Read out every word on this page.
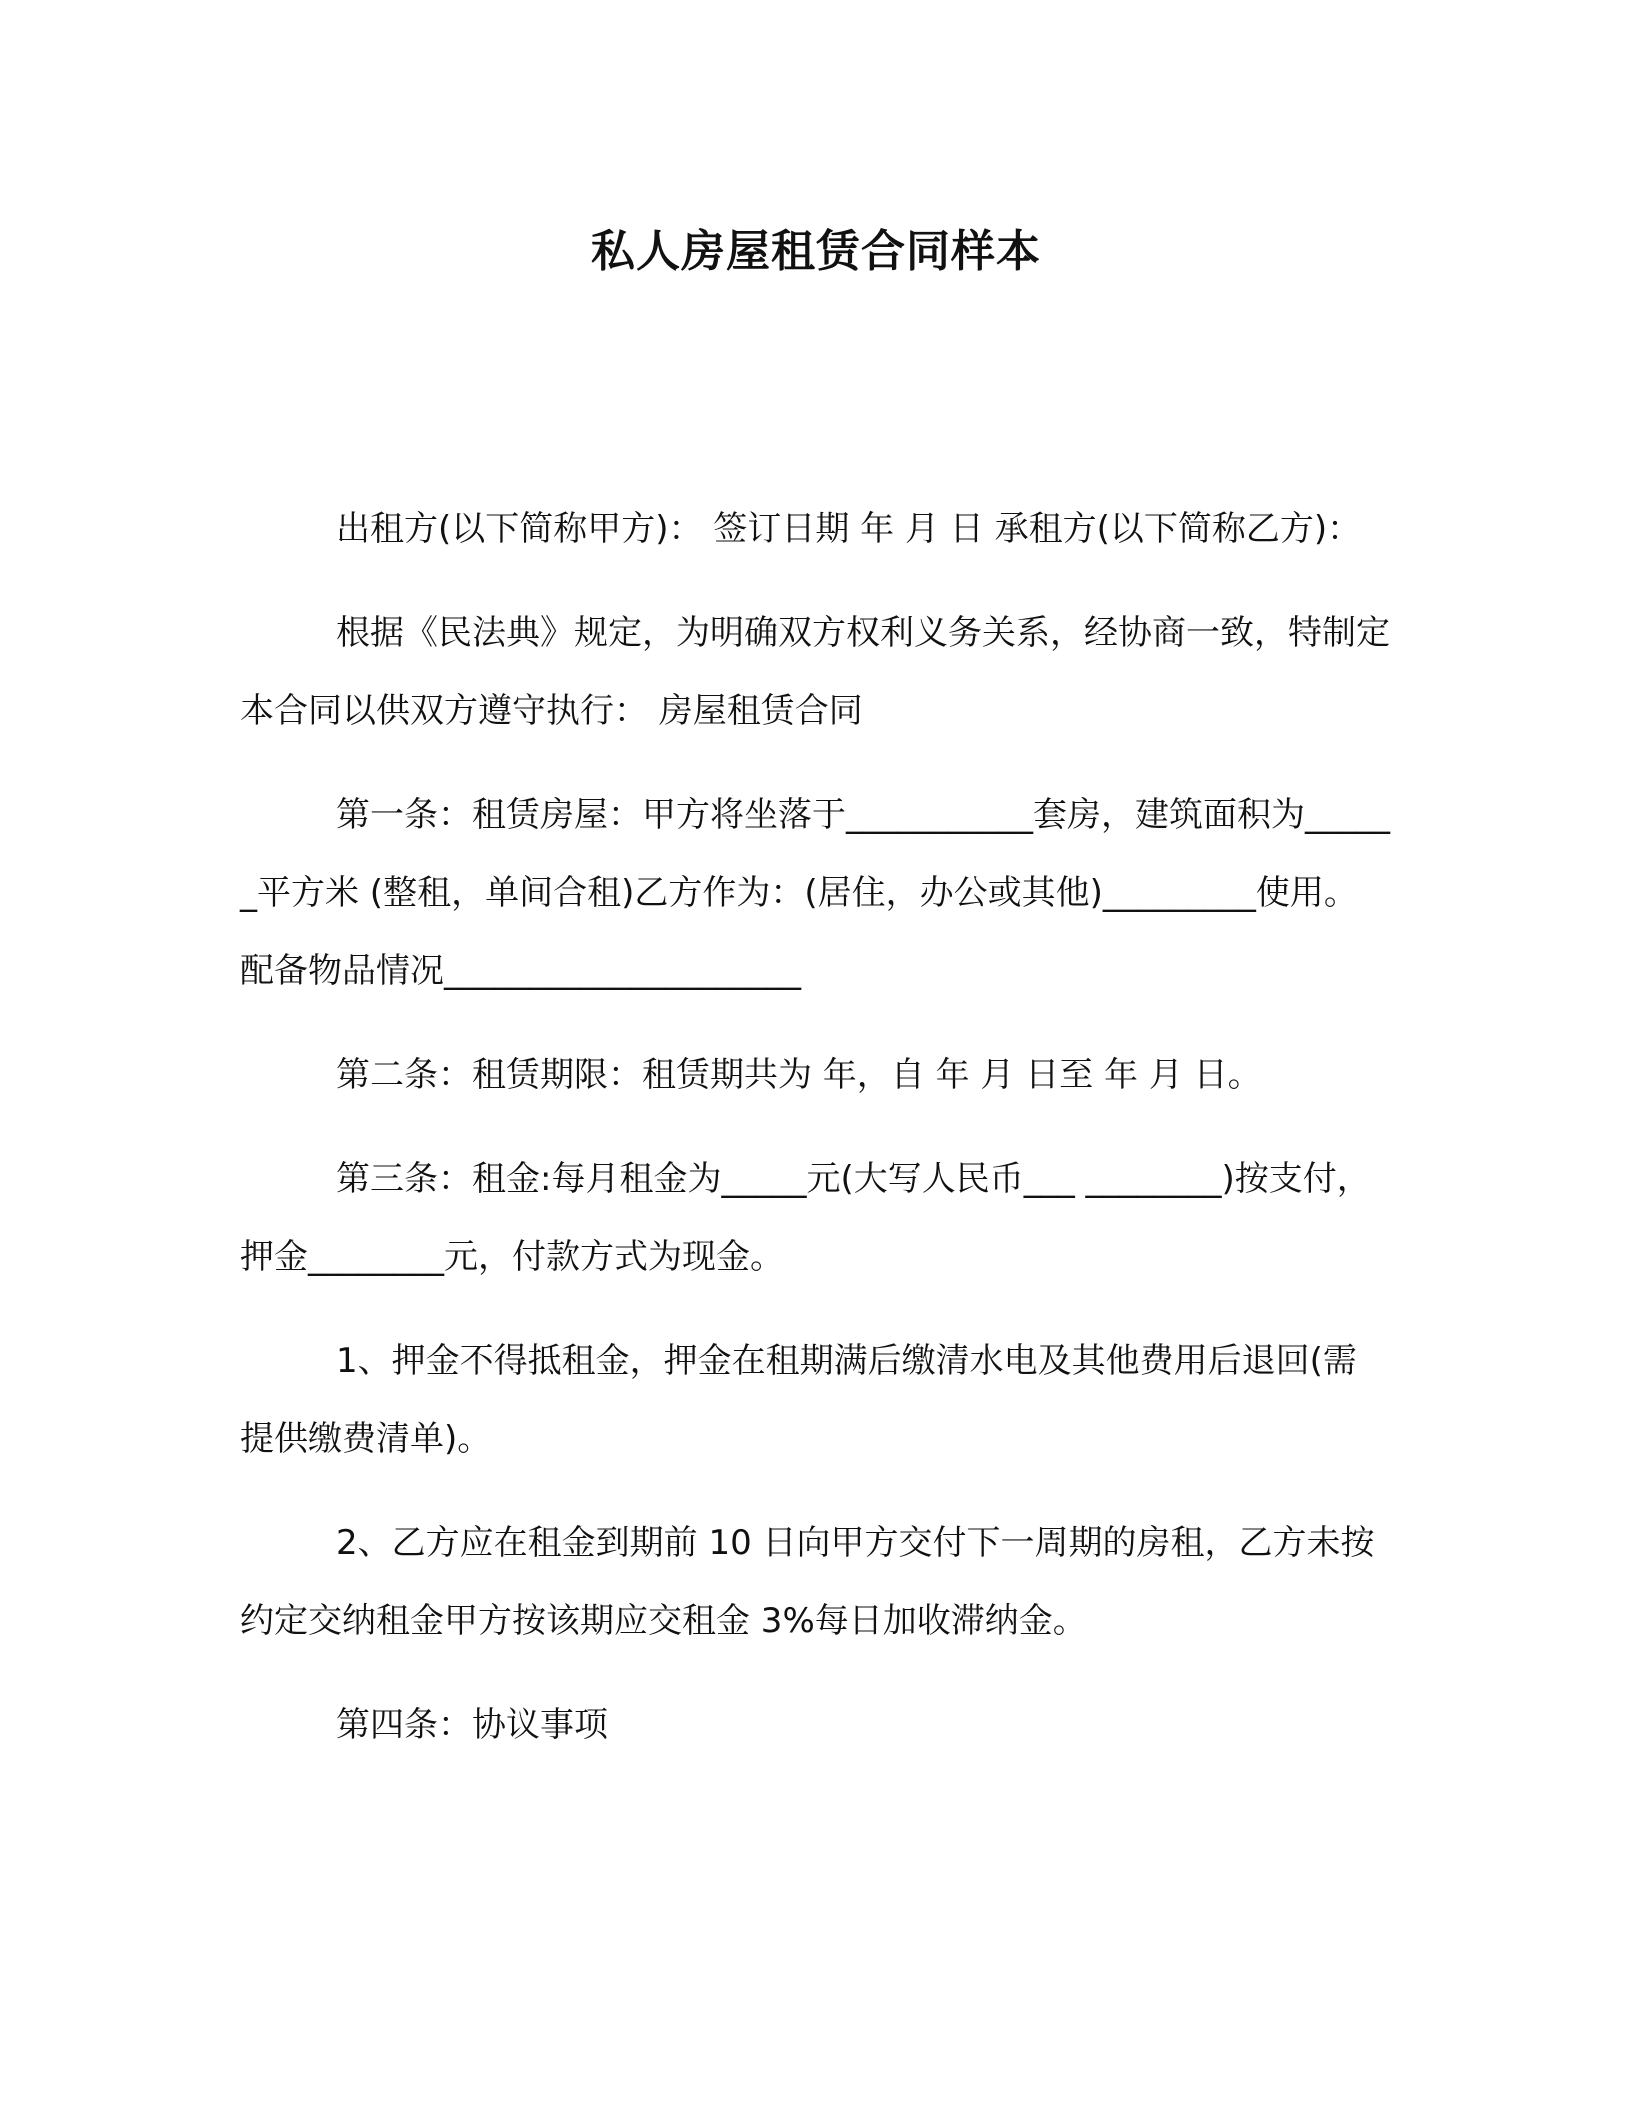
私人房屋租赁合同样本

出租方(以下简称甲方)： 签订日期 年 月 日 承租方(以下简称乙方)：

根据《民法典》规定，为明确双方权利义务关系，经协商一致，特制定本合同以供双方遵守执行： 房屋租赁合同

第一条：租赁房屋：甲方将坐落于___________套房，建筑面积为______平方米 (整租，单间合租)乙方作为：(居住，办公或其他)_________使用。配备物品情况_____________________

第二条：租赁期限：租赁期共为 年，自 年 月 日至 年 月 日。

第三条：租金:每月租金为_____元(大写人民币___ ________)按支付，押金________元，付款方式为现金。

1、押金不得抵租金，押金在租期满后缴清水电及其他费用后退回(需提供缴费清单)。

2、乙方应在租金到期前 10 日向甲方交付下一周期的房租，乙方未按约定交纳租金甲方按该期应交租金 3%每日加收滞纳金。

第四条：协议事项
